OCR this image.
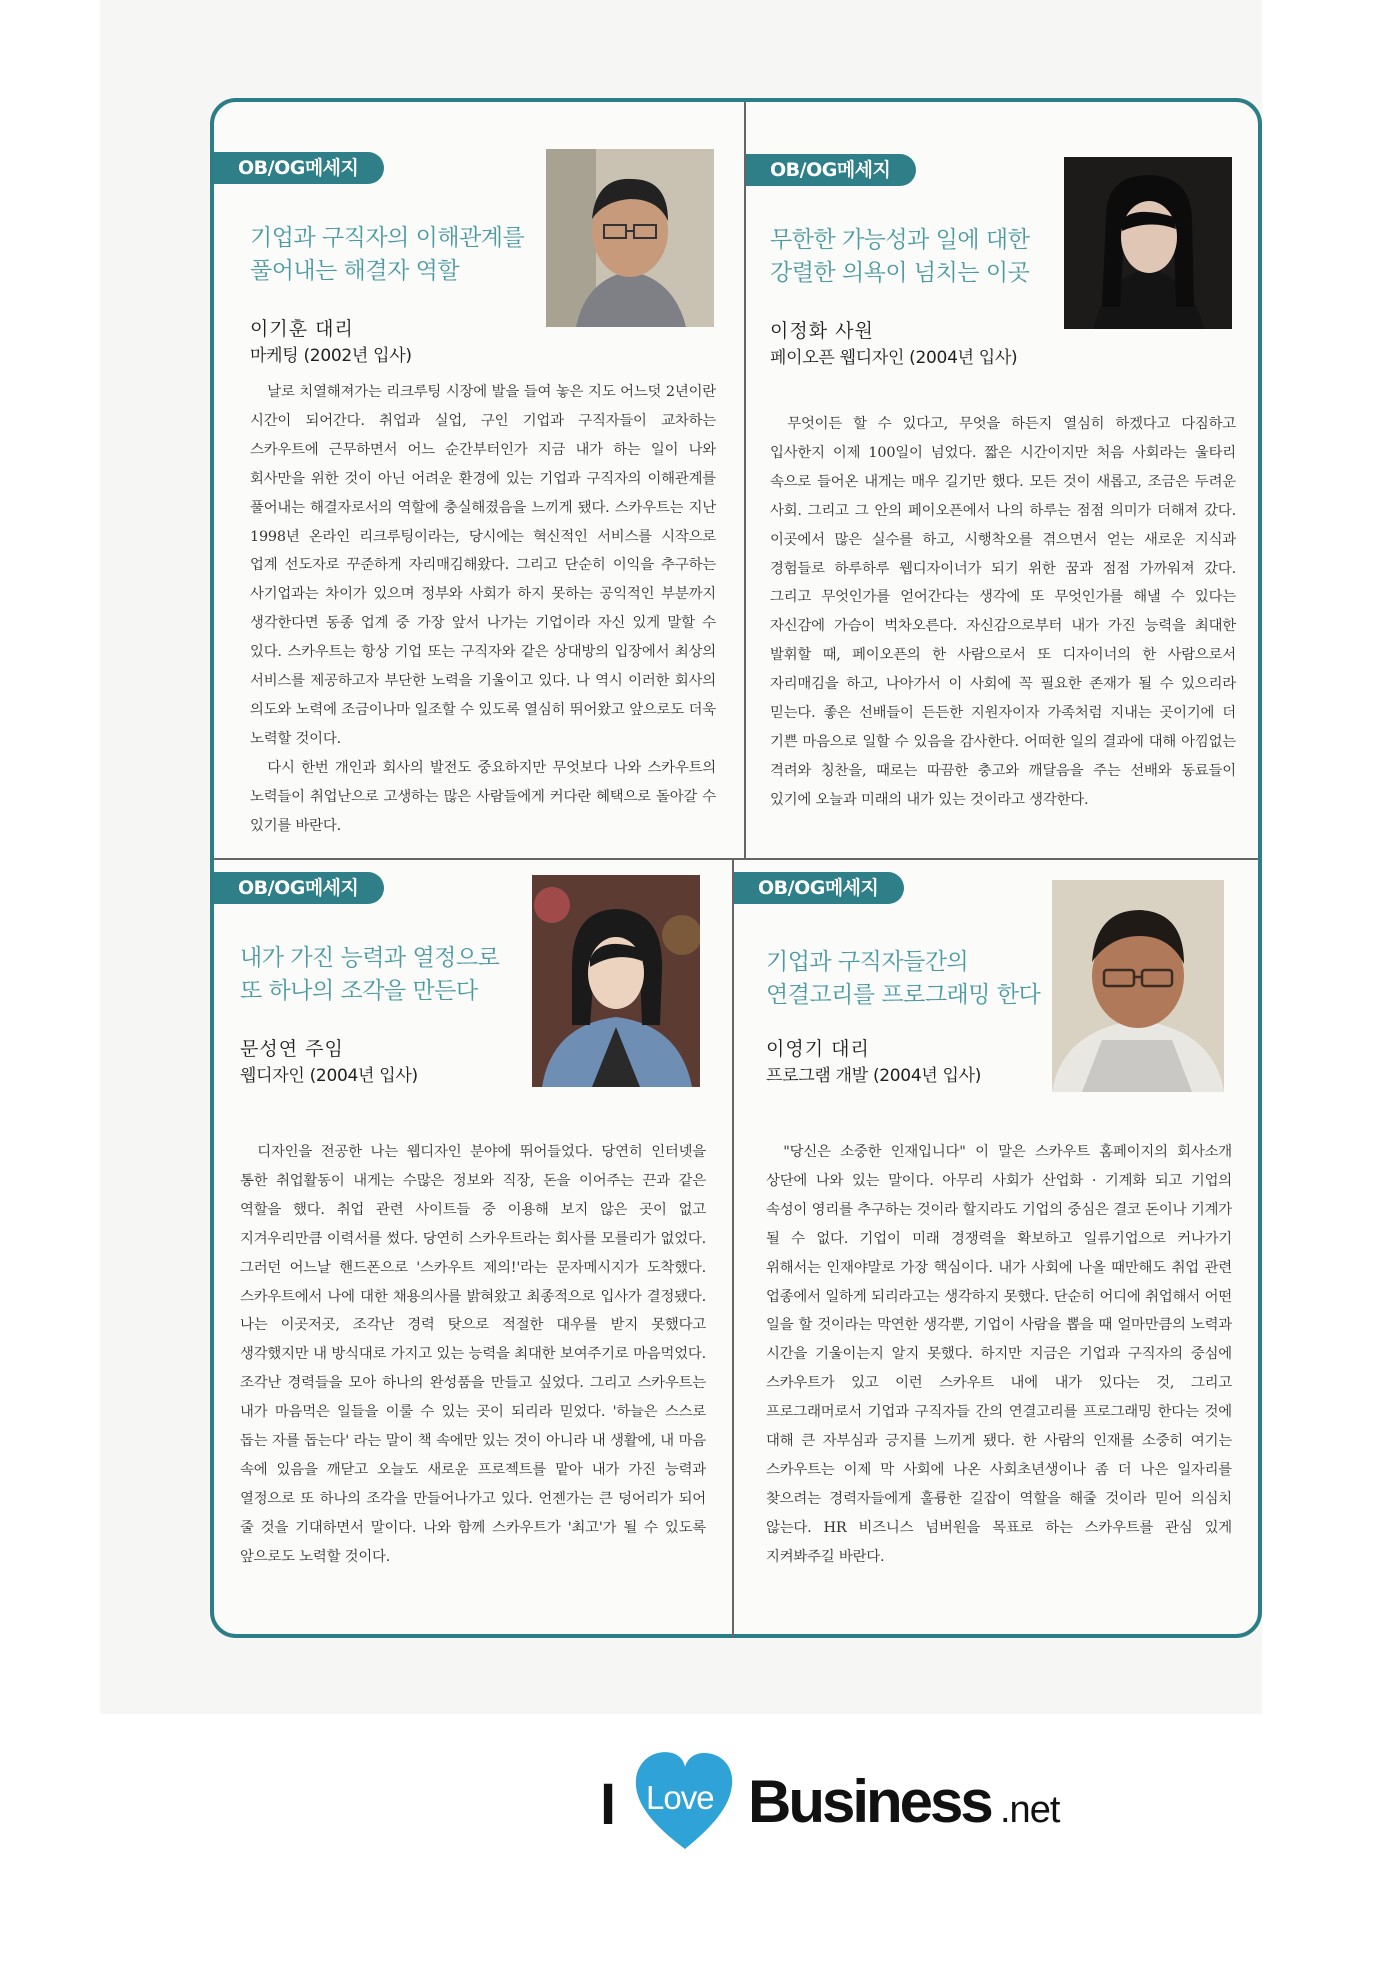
OB/OG메세지
기업과 구직자의 이해관계를
풀어내는 해결자 역할
이기훈 대리
마케팅 (2002년 입사)

날로 치열해져가는 리크루팅 시장에 발을 들여 놓은 지도 어느덧 2년이란 시간이 되어간다. 취업과 실업, 구인 기업과 구직자들이 교차하는 스카우트에 근무하면서 어느 순간부터인가 지금 내가 하는 일이 나와 회사만을 위한 것이 아닌 어려운 환경에 있는 기업과 구직자의 이해관계를 풀어내는 해결자로서의 역할에 충실해졌음을 느끼게 됐다. 스카우트는 지난 1998년 온라인 리크루팅이라는, 당시에는 혁신적인 서비스를 시작으로 업계 선도자로 꾸준하게 자리매김해왔다. 그리고 단순히 이익을 추구하는 사기업과는 차이가 있으며 정부와 사회가 하지 못하는 공익적인 부분까지 생각한다면 동종 업계 중 가장 앞서 나가는 기업이라 자신 있게 말할 수 있다. 스카우트는 항상 기업 또는 구직자와 같은 상대방의 입장에서 최상의 서비스를 제공하고자 부단한 노력을 기울이고 있다. 나 역시 이러한 회사의 의도와 노력에 조금이나마 일조할 수 있도록 열심히 뛰어왔고 앞으로도 더욱 노력할 것이다.

다시 한번 개인과 회사의 발전도 중요하지만 무엇보다 나와 스카우트의 노력들이 취업난으로 고생하는 많은 사람들에게 커다란 혜택으로 돌아갈 수 있기를 바란다.

OB/OG메세지
무한한 가능성과 일에 대한
강렬한 의욕이 넘치는 이곳
이정화 사원
페이오픈 웹디자인 (2004년 입사)

무엇이든 할 수 있다고, 무엇을 하든지 열심히 하겠다고 다짐하고 입사한지 이제 100일이 넘었다. 짧은 시간이지만 처음 사회라는 울타리 속으로 들어온 내게는 매우 길기만 했다. 모든 것이 새롭고, 조금은 두려운 사회. 그리고 그 안의 페이오픈에서 나의 하루는 점점 의미가 더해져 갔다. 이곳에서 많은 실수를 하고, 시행착오를 겪으면서 얻는 새로운 지식과 경험들로 하루하루 웹디자이너가 되기 위한 꿈과 점점 가까워져 갔다. 그리고 무엇인가를 얻어간다는 생각에 또 무엇인가를 해낼 수 있다는 자신감에 가슴이 벅차오른다. 자신감으로부터 내가 가진 능력을 최대한 발휘할 때, 페이오픈의 한 사람으로서 또 디자이너의 한 사람으로서 자리매김을 하고, 나아가서 이 사회에 꼭 필요한 존재가 될 수 있으리라 믿는다. 좋은 선배들이 든든한 지원자이자 가족처럼 지내는 곳이기에 더 기쁜 마음으로 일할 수 있음을 감사한다. 어떠한 일의 결과에 대해 아낌없는 격려와 칭찬을, 때로는 따끔한 충고와 깨달음을 주는 선배와 동료들이 있기에 오늘과 미래의 내가 있는 것이라고 생각한다.

OB/OG메세지
내가 가진 능력과 열정으로
또 하나의 조각을 만든다
문성연 주임
웹디자인 (2004년 입사)

디자인을 전공한 나는 웹디자인 분야에 뛰어들었다. 당연히 인터넷을 통한 취업활동이 내게는 수많은 정보와 직장, 돈을 이어주는 끈과 같은 역할을 했다. 취업 관련 사이트들 중 이용해 보지 않은 곳이 없고 지겨우리만큼 이력서를 썼다. 당연히 스카우트라는 회사를 모를리가 없었다. 그러던 어느날 핸드폰으로 '스카우트 제의!'라는 문자메시지가 도착했다. 스카우트에서 나에 대한 채용의사를 밝혀왔고 최종적으로 입사가 결정됐다. 나는 이곳저곳, 조각난 경력 탓으로 적절한 대우를 받지 못했다고 생각했지만 내 방식대로 가지고 있는 능력을 최대한 보여주기로 마음먹었다. 조각난 경력들을 모아 하나의 완성품을 만들고 싶었다. 그리고 스카우트는 내가 마음먹은 일들을 이룰 수 있는 곳이 되리라 믿었다. '하늘은 스스로 돕는 자를 돕는다' 라는 말이 책 속에만 있는 것이 아니라 내 생활에, 내 마음 속에 있음을 깨닫고 오늘도 새로운 프로젝트를 맡아 내가 가진 능력과 열정으로 또 하나의 조각을 만들어나가고 있다. 언젠가는 큰 덩어리가 되어 줄 것을 기대하면서 말이다. 나와 함께 스카우트가 '최고'가 될 수 있도록 앞으로도 노력할 것이다.

OB/OG메세지
기업과 구직자들간의
연결고리를 프로그래밍 한다
이영기 대리
프로그램 개발 (2004년 입사)

"당신은 소중한 인재입니다" 이 말은 스카우트 홈페이지의 회사소개 상단에 나와 있는 말이다. 아무리 사회가 산업화 · 기계화 되고 기업의 속성이 영리를 추구하는 것이라 할지라도 기업의 중심은 결코 돈이나 기계가 될 수 없다. 기업이 미래 경쟁력을 확보하고 일류기업으로 커나가기 위해서는 인재야말로 가장 핵심이다. 내가 사회에 나올 때만해도 취업 관련 업종에서 일하게 되리라고는 생각하지 못했다. 단순히 어디에 취업해서 어떤 일을 할 것이라는 막연한 생각뿐, 기업이 사람을 뽑을 때 얼마만큼의 노력과 시간을 기울이는지 알지 못했다. 하지만 지금은 기업과 구직자의 중심에 스카우트가 있고 이런 스카우트 내에 내가 있다는 것, 그리고 프로그래머로서 기업과 구직자들 간의 연결고리를 프로그래밍 한다는 것에 대해 큰 자부심과 긍지를 느끼게 됐다. 한 사람의 인재를 소중히 여기는 스카우트는 이제 막 사회에 나온 사회초년생이나 좀 더 나은 일자리를 찾으려는 경력자들에게 훌륭한 길잡이 역할을 해줄 것이라 믿어 의심치 않는다. HR 비즈니스 넘버원을 목표로 하는 스카우트를 관심 있게 지켜봐주길 바란다.

I Love Business .net
